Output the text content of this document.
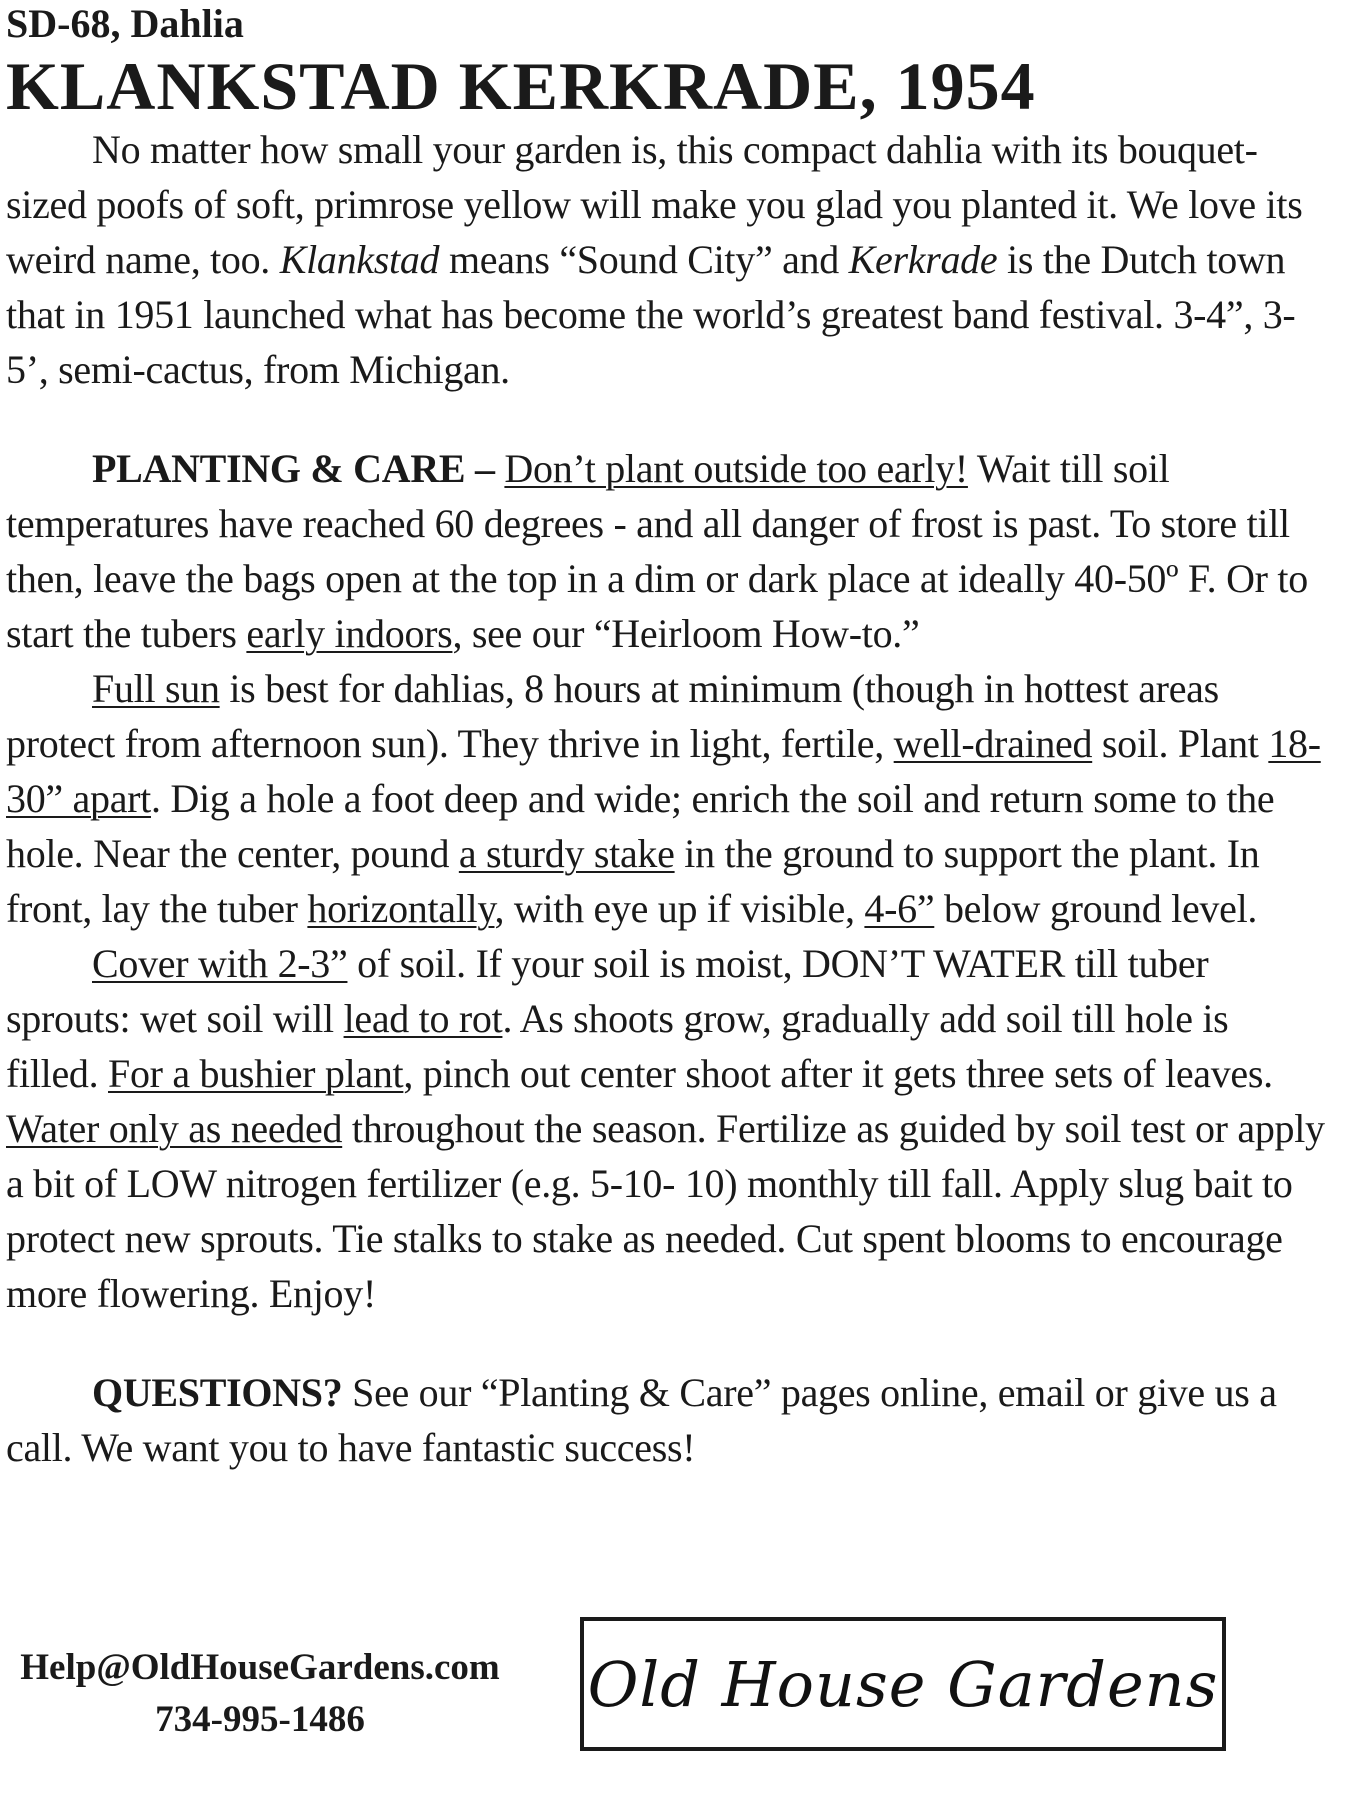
SD-68, Dahlia

KLANKSTAD KERKRADE, 1954

No matter how small your garden is, this compact dahlia with its bouquet-sized poofs of soft, primrose yellow will make you glad you planted it. We love its weird name, too. Klankstad means “Sound City” and Kerkrade is the Dutch town that in 1951 launched what has become the world’s greatest band festival. 3-4”, 3-5’, semi-cactus, from Michigan.

PLANTING & CARE – Don’t plant outside too early! Wait till soil temperatures have reached 60 degrees - and all danger of frost is past. To store till then, leave the bags open at the top in a dim or dark place at ideally 40-50º F. Or to start the tubers early indoors, see our “Heirloom How-to.”

Full sun is best for dahlias, 8 hours at minimum (though in hottest areas protect from afternoon sun). They thrive in light, fertile, well-drained soil. Plant 18-30” apart. Dig a hole a foot deep and wide; enrich the soil and return some to the hole. Near the center, pound a sturdy stake in the ground to support the plant. In front, lay the tuber horizontally, with eye up if visible, 4-6” below ground level.

Cover with 2-3” of soil. If your soil is moist, DON’T WATER till tuber sprouts: wet soil will lead to rot. As shoots grow, gradually add soil till hole is filled. For a bushier plant, pinch out center shoot after it gets three sets of leaves. Water only as needed throughout the season. Fertilize as guided by soil test or apply a bit of LOW nitrogen fertilizer (e.g. 5-10- 10) monthly till fall. Apply slug bait to protect new sprouts. Tie stalks to stake as needed. Cut spent blooms to encourage more flowering. Enjoy!

QUESTIONS? See our “Planting & Care” pages online, email or give us a call. We want you to have fantastic success!

Help@OldHouseGardens.com
734-995-1486	Old House Gardens
